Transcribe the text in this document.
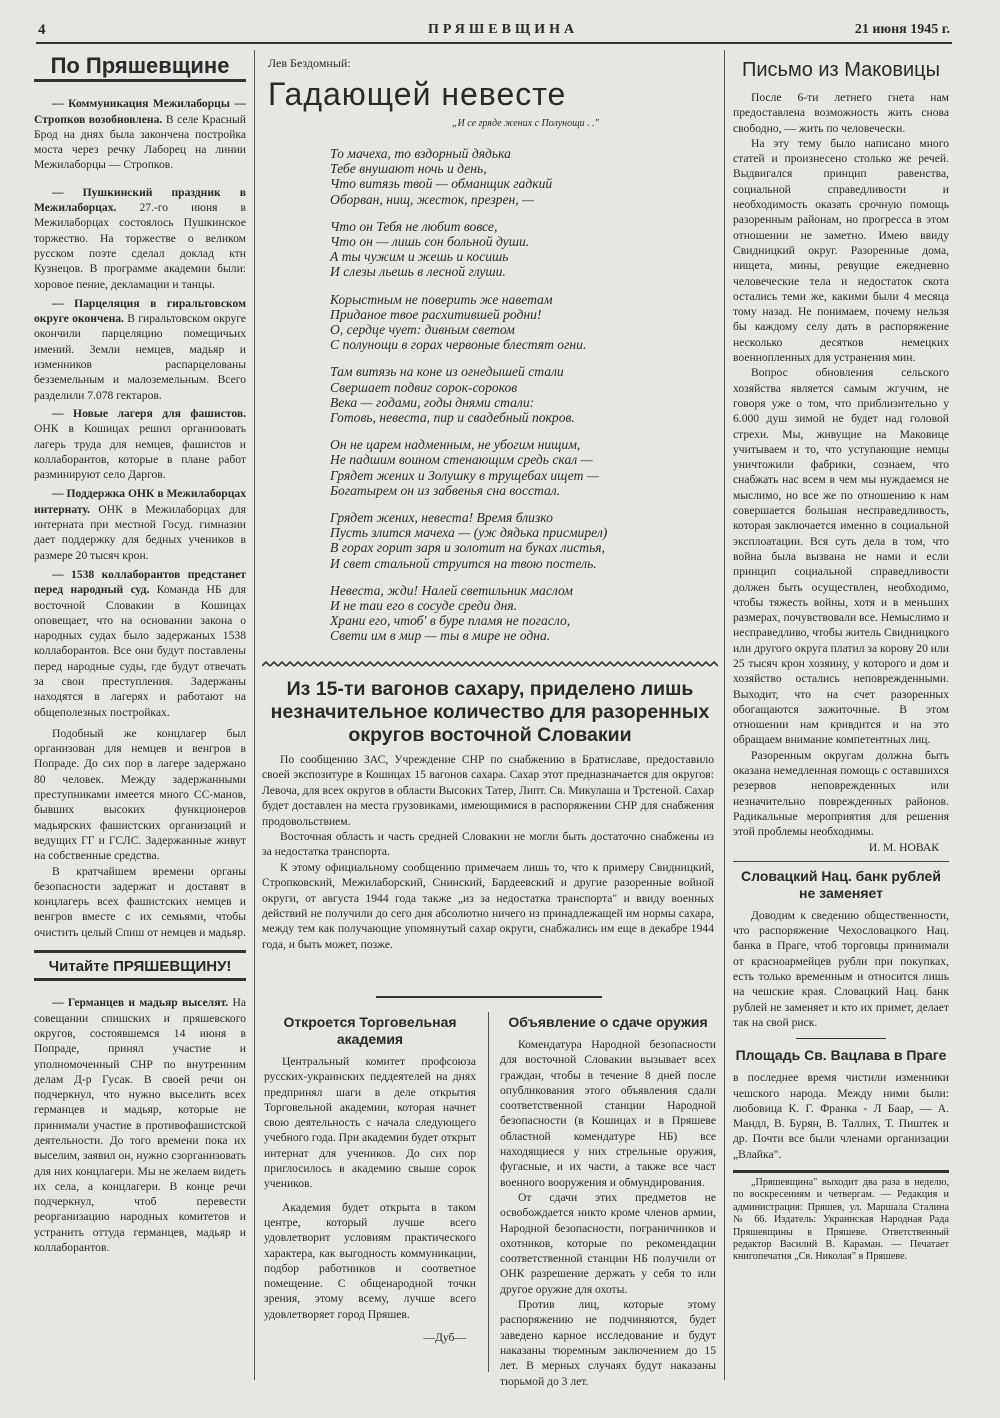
4	ПРЯШЕВЩИНА	21 июня 1945 г.
По Пряшевщине

— Коммуникация Межилаборцы — Стропков возобновлена. В селе Красный Брод на днях была закончена постройка моста через речку Лаборец на линии Межилаборцы — Стропков.

— Пушкинский праздник в Межилаборцах. 27.-го июня в Межилаборцах состоялось Пушкинское торжество. На торжестве о великом русском поэте сделал доклад ктн Кузнецов. В программе академии были: хоровое пение, декламации и танцы.

— Парцеляция в гиральтовском округе окончена. В гиральтовском округе окончили парцеляцию помещичьих имений. Земли немцев, мадьяр и изменников распарцелованы безземельным и малоземельным. Всего разделили 7.078 гектаров.

— Новые лагеря для фашистов. ОНК в Кошицах решил организовать лагерь труда для немцев, фашистов и коллаборантов, которые в плане работ разминируют село Даргов.

— Поддержка ОНК в Межилаборцах интернату. ОНК в Межилаборцах для интерната при местной Госуд. гимназии дает поддержку для бедных учеников в размере 20 тысяч крон.

— 1538 коллаборантов предстанет перед народный суд. Команда НБ для восточной Словакии в Кошицах оповещает, что на основании закона о народных судах было задержаных 1538 коллаборантов. Все они будут поставлены перед народные суды, где будут отвечать за свои преступления. Задержаны находятся в лагерях и работают на общеполезных постройках.

Подобный же концлагер был организован для немцев и венгров в Попраде. До сих пор в лагере задержано 80 человек. Между задержанными преступниками имеется много СС-манов, бывших высоких функционеров мадьярских фашистских организаций и ведущих ГГ и ГСЛС. Задержанные живут на собственные средства.

В кратчайшем времени органы безопасности задержат и доставят в концлагерь всех фашистских немцев и венгров вместе с их семьями, чтобы очистить целый Спиш от немцев и мадьяр.

Читайте ПРЯШЕВЩИНУ!

— Германцев и мадьяр выселят. На совещании спишских и пряшевского округов, состоявшемся 14 июня в Попраде, принял участие и уполномоченный СНР по внутренним делам Д-р Гусак. В своей речи он подчеркнул, что нужно выселить всех германцев и мадьяр, которые не принимали участие в противофашистской деятельности. До того времени пока их выселим, заявил он, нужно сзорганизовать для них концлагери. Мы не желаем видеть их села, а концлагери. В конце речи подчеркнул, чтоб перевести реорганизацию народных комитетов и устранить оттуда германцев, мадьяр и коллаборантов.

Лев Бездомный:
Гадающей невесте
„И се гряде жених с Полунощи . ."
То мачеха, то вздорный дядька
Тебе внушают ночь и день,
Что витязь твой — обманщик гадкий
Оборван, нищ, жесток, презрен, —
Что он Тебя не любит вовсе,
Что он — лишь сон больной души.
А ты чужим и жешь и косишь
И слезы льешь в лесной глуши.
Корыстным не поверить же наветам
Приданое твое расхитившей родни!
О, сердце чует: дивным светом
С полунощи в горах червоные блестят огни.
Там витязь на коне из огнедышей стали
Свершает подвиг сорок-сороков
Века — годами, годы днями стали:
Готовь, невеста, пир и свадебный покров.
Он не царем надменным, не убогим нищим,
Не падшим воином стенающим средь скал —
Грядет жених и Золушку в трущебах ищет —
Богатырем он из забвенья сна восстал.
Грядет жених, невеста! Время близко
Пусть злится мачеха — (уж дядька присмирел)
В горах горит заря и золотит на буках листья,
И свет стальной струится на твою постель.
Невеста, жди! Налей светильник маслом
И не таи его в сосуде среди дня.
Храни его, чтоб' в буре пламя не погасло,
Свети им в мир — ты в мире не одна.
Из 15-ти вагонов сахару, приделено лишь незначительное количество для разоренных округов восточной Словакии

По сообщению ЗАС, Учреждение СНР по снабжению в Братиславе, предоставило своей экспозитуре в Кошицах 15 вагонов сахара. Сахар этот предназначается для округов: Левоча, для всех округов в области Высоких Татер, Липт. Св. Микулаша и Трстеной. Сахар будет доставлен на места грузовиками, имеющимися в распоряжении СНР для снабжения продовольствием.

Восточная область и часть средней Словакии не могли быть достаточно снабжены из за недостатка транспорта.

К этому официальному сообщению примечаем лишь то, что к примеру Свидницкий, Стропковский, Межилаборский, Снинский, Бардеевский и другие разоренные войной округи, от августа 1944 года также „из за недостатка транспорта" и ввиду военных действий не получили до сего дня абсолютно ничего из принадлежащей им нормы сахара, между тем как получающие упомянутый сахар округи, снабжались им еще в декабре 1944 года, и быть может, позже.

Откроется Торговельная академия

Центральный комитет профсоюза русских-украинских педдеятелей на днях предпринял шаги в деле открытия Торговельной академии, которая начнет свою деятельность с начала следующего учебного года. При академии будет открыт интернат для учеников. До сих пор приглосилось в академию свыше сорок учеников.

Академия будет открыта в таком центре, который лучше всего удовлетворит условиям практического характера, как выгодность коммуникации, подбор работников и соответное помещение. С общенародной точки зрения, этому всему, лучше всего удовлетворяет город Пряшев.

—Дуб—
Объявление о сдаче оружия

Комендатура Народной безопасности для восточной Словакии вызывает всех граждан, чтобы в течение 8 дней после опубликования этого объявления сдали соответственной станции Народной безопасности (в Кошицах и в Пряшеве областной комендатуре НБ) все находящиеся у них стрельные оружия, фугасные, и их части, а также все част военного вооружения и обмундирования.

От сдачи этих предметов не освобождается никто кроме членов армии, Народной безопасности, пограничников и охотников, которые по рекомендации соответственной станции НБ получили от ОНК разрешение держать у себя то или другое оружие для охоты.

Против лиц, которые этому распоряжению не подчиняются, будет заведено карное исследование и будут наказаны тюремным заключением до 15 лет. В мерных случаях будут наказаны тюрьмой до 3 лет.

Письмо из Маковицы

После 6-ти летнего гнета нам предоставлена возможность жить снова свободно, — жить по человечески.

На эту тему было написано много статей и произнесено столько же речей. Выдвигался принцип равенства, социальной справедливости и необходимость оказать срочную помощь разоренным районам, но прогресса в этом отношении не заметно. Имею ввиду Свидницкий округ. Разоренные дома, нищета, мины, ревущие ежедневно человеческие тела и недостаток скота остались теми же, какими были 4 месяца тому назад. Не понимаем, почему нельзя бы каждому селу дать в распоряжение несколько десятков немецких военнопленных для устранения мин.

Вопрос обновления сельского хозяйства является самым жгучим, не говоря уже о том, что приблизительно у 6.000 душ зимой не будет над головой стрехи. Мы, живущие на Маковице учитываем и то, что уступающие немцы уничтожили фабрики, сознаем, что снабжать нас всем в чем мы нуждаемся не мыслимо, но все же по отношению к нам совершается большая несправедливость, которая заключается именно в социальной эксплоатации. Вся суть дела в том, что война была вызвана не нами и если принцип социальной справедливости должен быть осуществлен, необходимо, чтобы тяжесть войны, хотя и в меньших размерах, почувствовали все. Немыслимо и несправедливо, чтобы житель Свидницкого или другого округа платил за корову 20 или 25 тысяч крон хозяину, у которого и дом и хозяйство остались неповрежденными. Выходит, что на счет разоренных обогащаются зажиточные. В этом отношении нам кривдится и на это обращаем внимание компетентных лиц.

Разоренным округам должна быть оказана немедленная помощь с оставшихся резервов неповрежденных или незначительно поврежденных районов. Радикальные мероприятия для решения этой проблемы необходимы.

И. М. НОВАК
Словацкий Нац. банк рублей не заменяет

Доводим к сведению общественности, что распоряжение Чехословацкого Нац. банка в Праге, чтоб торговцы принимали от красноармейцев рубли при покупках, есть только временным и относится лишь на чешские края. Словацкий Нац. банк рублей не заменяет и кто их примет, делает так на свой риск.

Площадь Св. Вацлава в Праге

в последнее время чистили изменники чешского народа. Между ними были: любовица К. Г. Франка - Л Баар, — А. Мандл, В. Бурян, В. Таллих, Т. Пиштек и др. Почти все были членами организации „Влайка".

„Пряшевщина" выходит два раза в неделю, по воскресениям и четвергам. — Редакция и администрация: Пряшев, ул. Маршала Сталина № 66. Издатель: Украинская Народная Рада Пряшевщины в Пряшеве. Ответственный редактор Василий В. Караман. — Печатает книгопечатня „Св. Николая" в Пряшеве.
